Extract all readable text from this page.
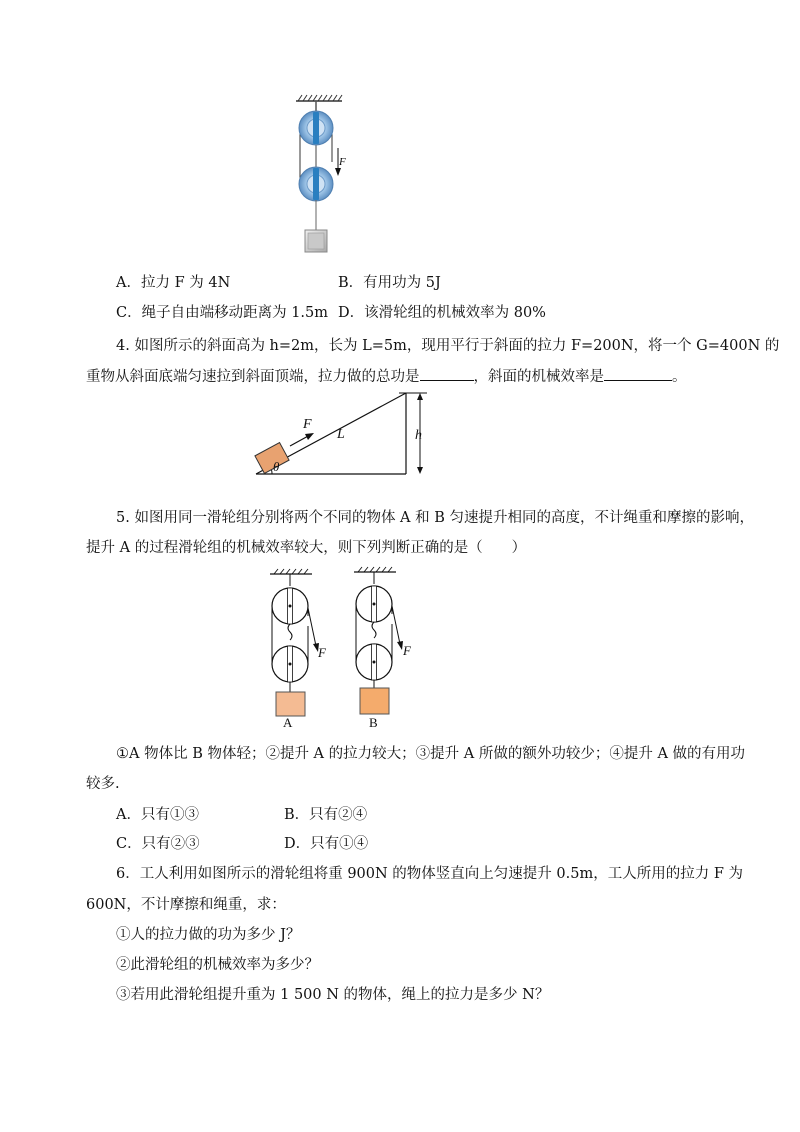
F
A．拉力 F 为 4N	B．有用功为 5J
C．绳子自由端移动距离为 1.5m D．该滑轮组的机械效率为 80%
4. 如图所示的斜面高为 h=2m，长为 L=5m，现用平行于斜面的拉力 F=200N，将一个 G=400N 的
重物从斜面底端匀速拉到斜面顶端，拉力做的总功是	，斜面的机械效率是	。
F
L	h
θ
5. 如图用同一滑轮组分别将两个不同的物体 A 和 B 匀速提升相同的高度，不计绳重和摩擦的影响，
提升 A 的过程滑轮组的机械效率较大，则下列判断正确的是（　　）
F
A
F
B
①A 物体比 B 物体轻；②提升 A 的拉力较大；③提升 A 所做的额外功较少；④提升 A 做的有用功
较多.
A．只有①③	B．只有②④
C．只有②③	D．只有①④
6．工人利用如图所示的滑轮组将重 900N 的物体竖直向上匀速提升 0.5m，工人所用的拉力 F 为
600N，不计摩擦和绳重，求：
①人的拉力做的功为多少 J？
②此滑轮组的机械效率为多少？
③若用此滑轮组提升重为 1 500 N 的物体，绳上的拉力是多少 N？
